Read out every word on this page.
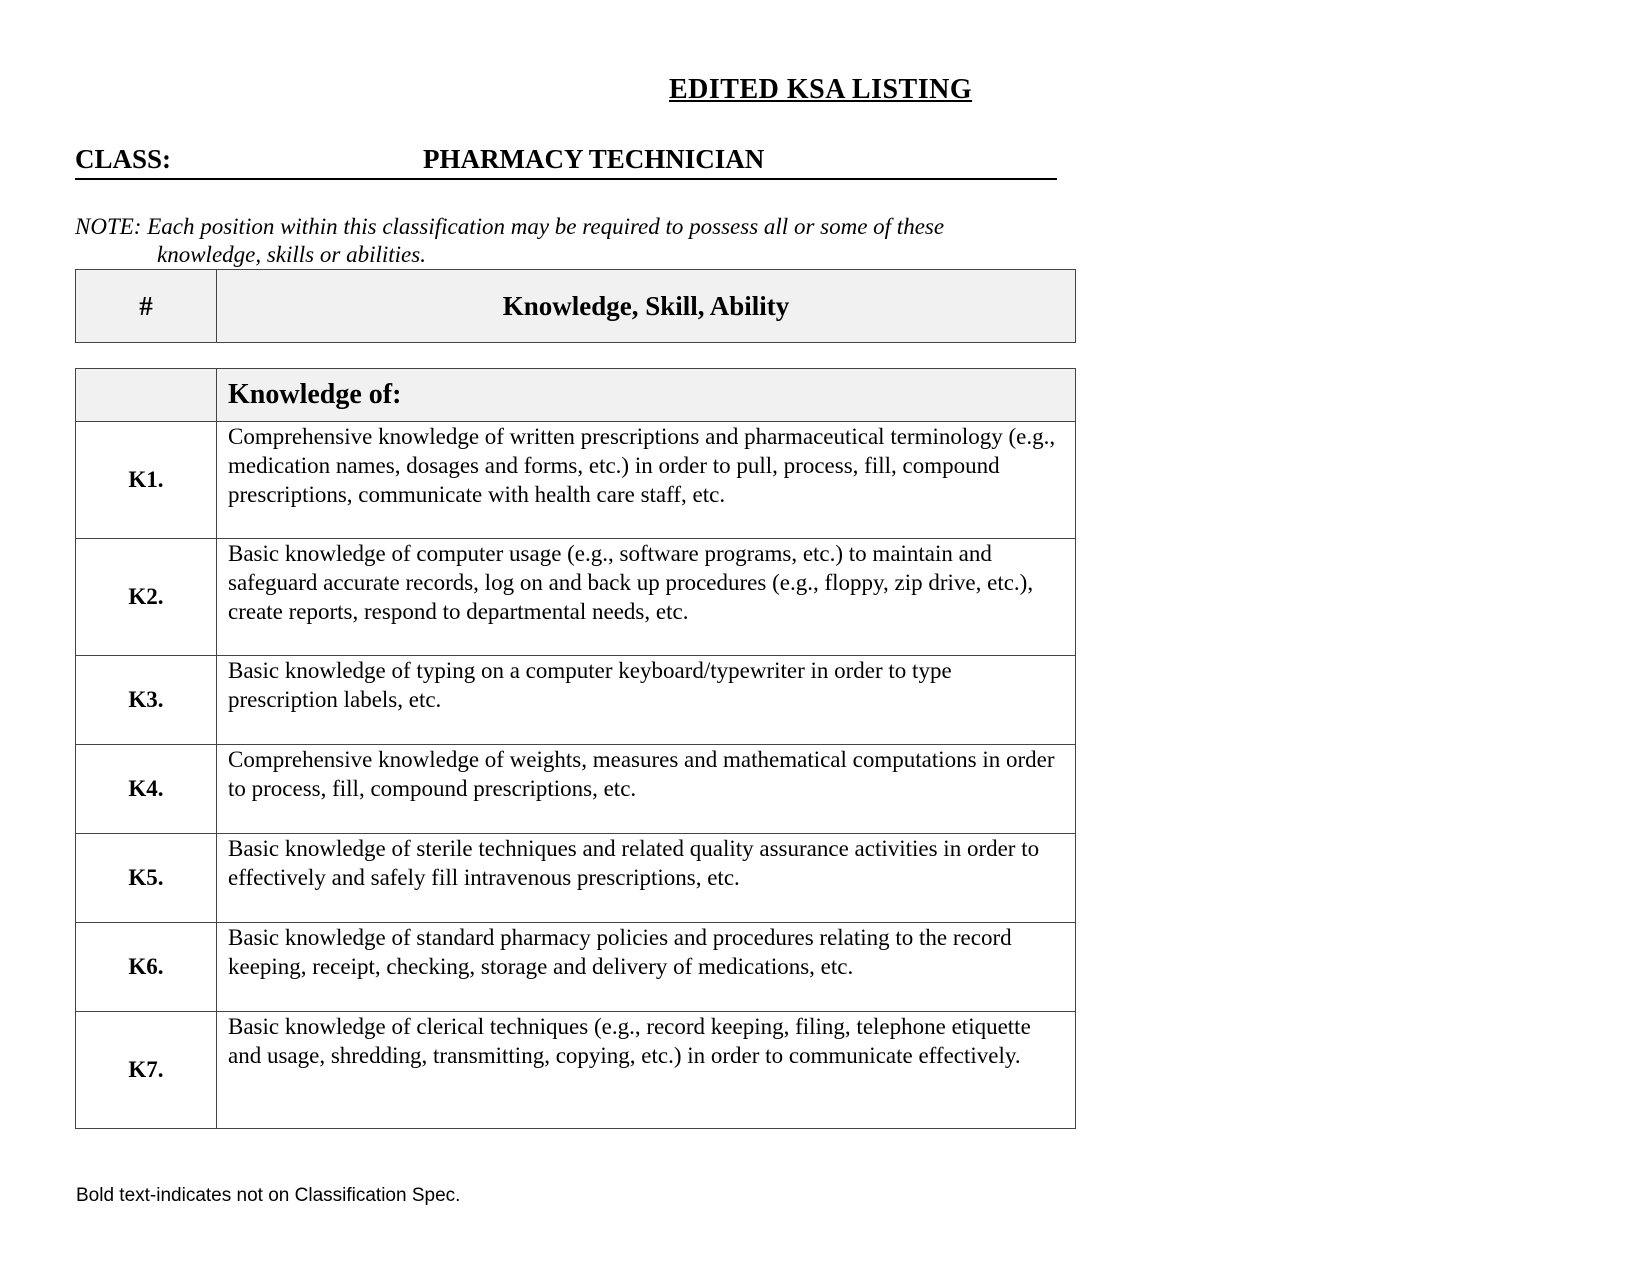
EDITED KSA LISTING
CLASS:	PHARMACY TECHNICIAN
NOTE: Each position within this classification may be required to possess all or some of these
knowledge, skills or abilities.
#	Knowledge, Skill, Ability
	Knowledge of:
K1.	Comprehensive knowledge of written prescriptions and pharmaceutical terminology (e.g., medication names, dosages and forms, etc.) in order to pull, process, fill, compound prescriptions, communicate with health care staff, etc.
K2.	Basic knowledge of computer usage (e.g., software programs, etc.) to maintain and safeguard accurate records, log on and back up procedures (e.g., floppy, zip drive, etc.), create reports, respond to departmental needs, etc.
K3.	Basic knowledge of typing on a computer keyboard/typewriter in order to type prescription labels, etc.
K4.	Comprehensive knowledge of weights, measures and mathematical computations in order to process, fill, compound prescriptions, etc.
K5.	Basic knowledge of sterile techniques and related quality assurance activities in order to effectively and safely fill intravenous prescriptions, etc.
K6.	Basic knowledge of standard pharmacy policies and procedures relating to the record keeping, receipt, checking, storage and delivery of medications, etc.
K7.	Basic knowledge of clerical techniques (e.g., record keeping, filing, telephone etiquette and usage, shredding, transmitting, copying, etc.) in order to communicate effectively.
Bold text-indicates not on Classification Spec.
